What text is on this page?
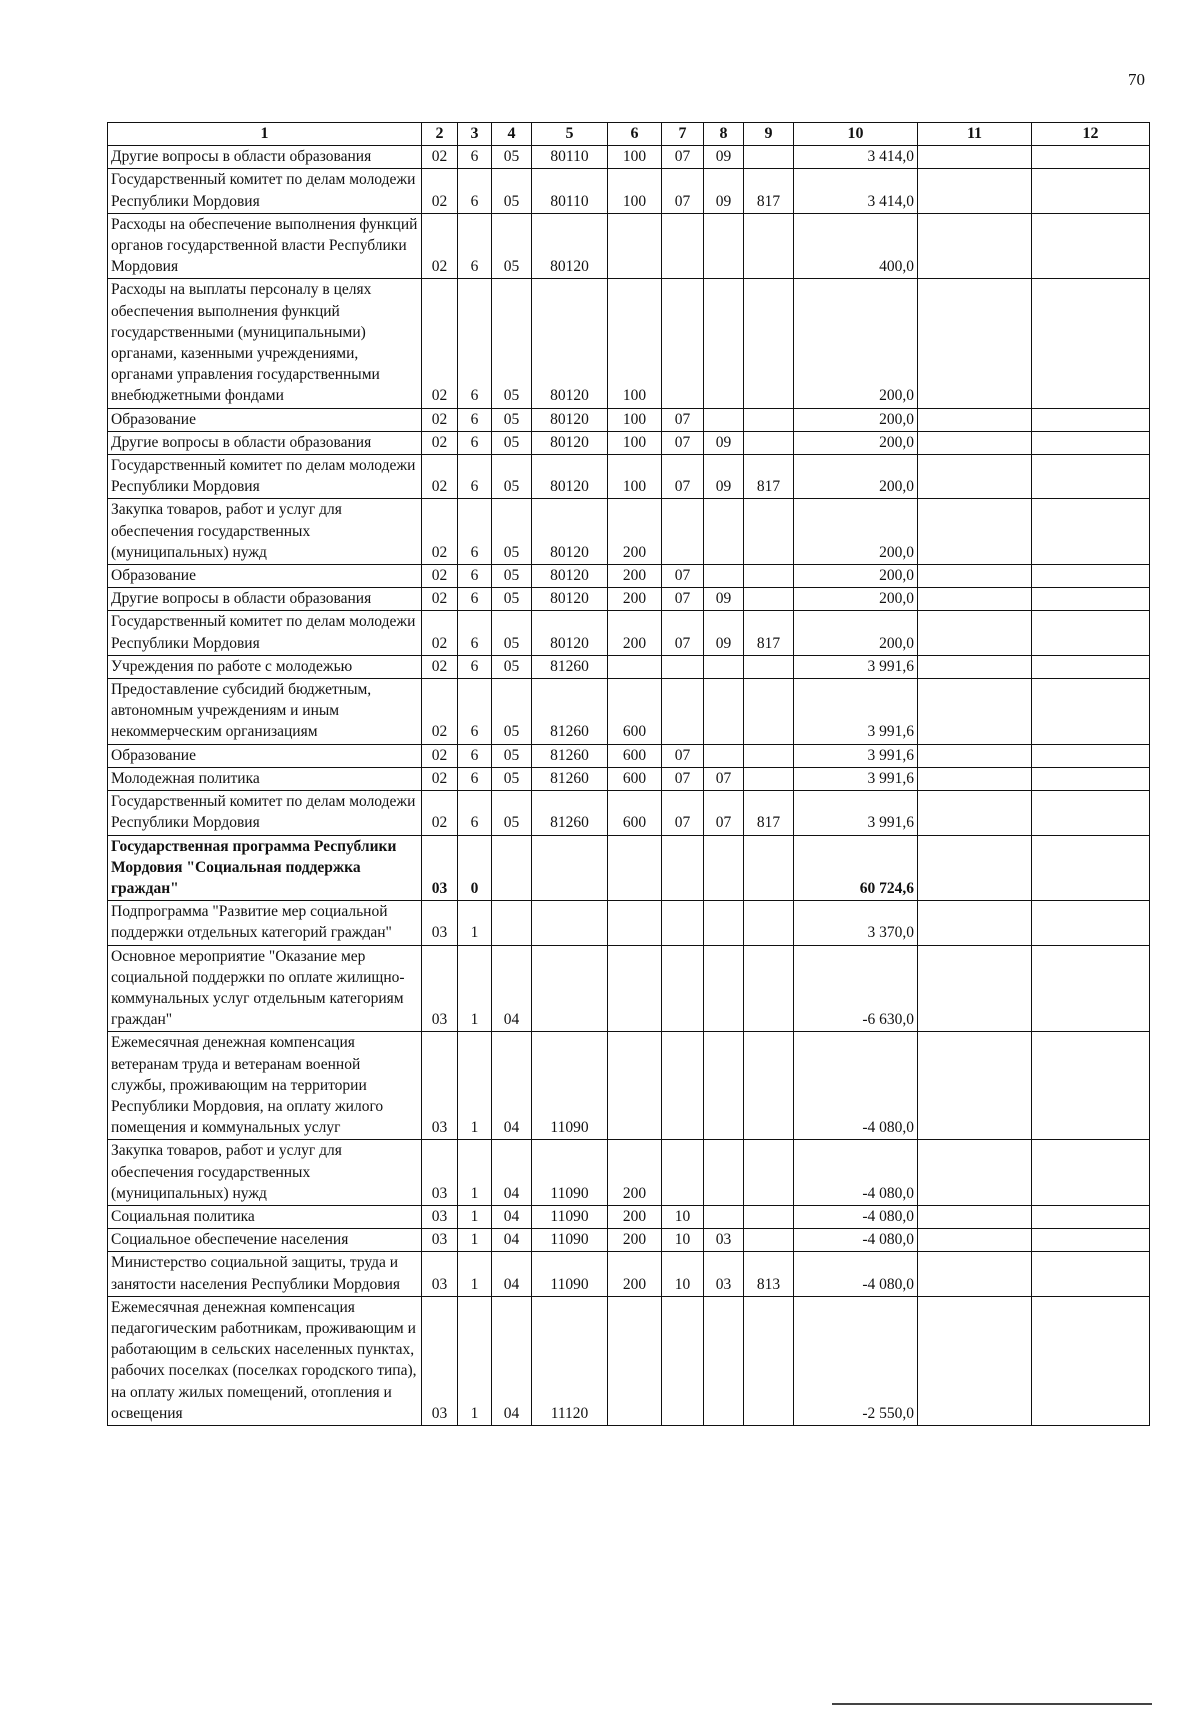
70
1	2	3	4	5	6	7	8	9	10	11	12
Другие вопросы в области образования	02	6	05	80110	100	07	09		3 414,0		
Государственный комитет по делам молодежи Республики Мордовия	02	6	05	80110	100	07	09	817	3 414,0		
Расходы на обеспечение выполнения функций органов государственной власти Республики Мордовия	02	6	05	80120					400,0		
Расходы на выплаты персоналу в целях обеспечения выполнения функций государственными (муниципальными) органами, казенными учреждениями, органами управления государственными внебюджетными фондами	02	6	05	80120	100				200,0		
Образование	02	6	05	80120	100	07			200,0		
Другие вопросы в области образования	02	6	05	80120	100	07	09		200,0		
Государственный комитет по делам молодежи Республики Мордовия	02	6	05	80120	100	07	09	817	200,0		
Закупка товаров, работ и услуг для обеспечения государственных (муниципальных) нужд	02	6	05	80120	200				200,0		
Образование	02	6	05	80120	200	07			200,0		
Другие вопросы в области образования	02	6	05	80120	200	07	09		200,0		
Государственный комитет по делам молодежи Республики Мордовия	02	6	05	80120	200	07	09	817	200,0		
Учреждения по работе с молодежью	02	6	05	81260					3 991,6		
Предоставление субсидий бюджетным, автономным учреждениям и иным некоммерческим организациям	02	6	05	81260	600				3 991,6		
Образование	02	6	05	81260	600	07			3 991,6		
Молодежная политика	02	6	05	81260	600	07	07		3 991,6		
Государственный комитет по делам молодежи Республики Мордовия	02	6	05	81260	600	07	07	817	3 991,6		
Государственная программа Республики Мордовия "Социальная поддержка граждан"	03	0							60 724,6		
Подпрограмма "Развитие мер социальной поддержки отдельных категорий граждан"	03	1							3 370,0		
Основное мероприятие "Оказание мер социальной поддержки по оплате жилищно-коммунальных услуг отдельным категориям граждан"	03	1	04						-6 630,0		
Ежемесячная денежная компенсация ветеранам труда и ветеранам военной службы, проживающим на территории Республики Мордовия, на оплату жилого помещения и коммунальных услуг	03	1	04	11090					-4 080,0		
Закупка товаров, работ и услуг для обеспечения государственных (муниципальных) нужд	03	1	04	11090	200				-4 080,0		
Социальная политика	03	1	04	11090	200	10			-4 080,0		
Социальное обеспечение населения	03	1	04	11090	200	10	03		-4 080,0		
Министерство социальной защиты, труда и занятости населения Республики Мордовия	03	1	04	11090	200	10	03	813	-4 080,0		
Ежемесячная денежная компенсация педагогическим работникам, проживающим и работающим в сельских населенных пунктах, рабочих поселках (поселках городского типа), на оплату жилых помещений, отопления и освещения	03	1	04	11120					-2 550,0		
